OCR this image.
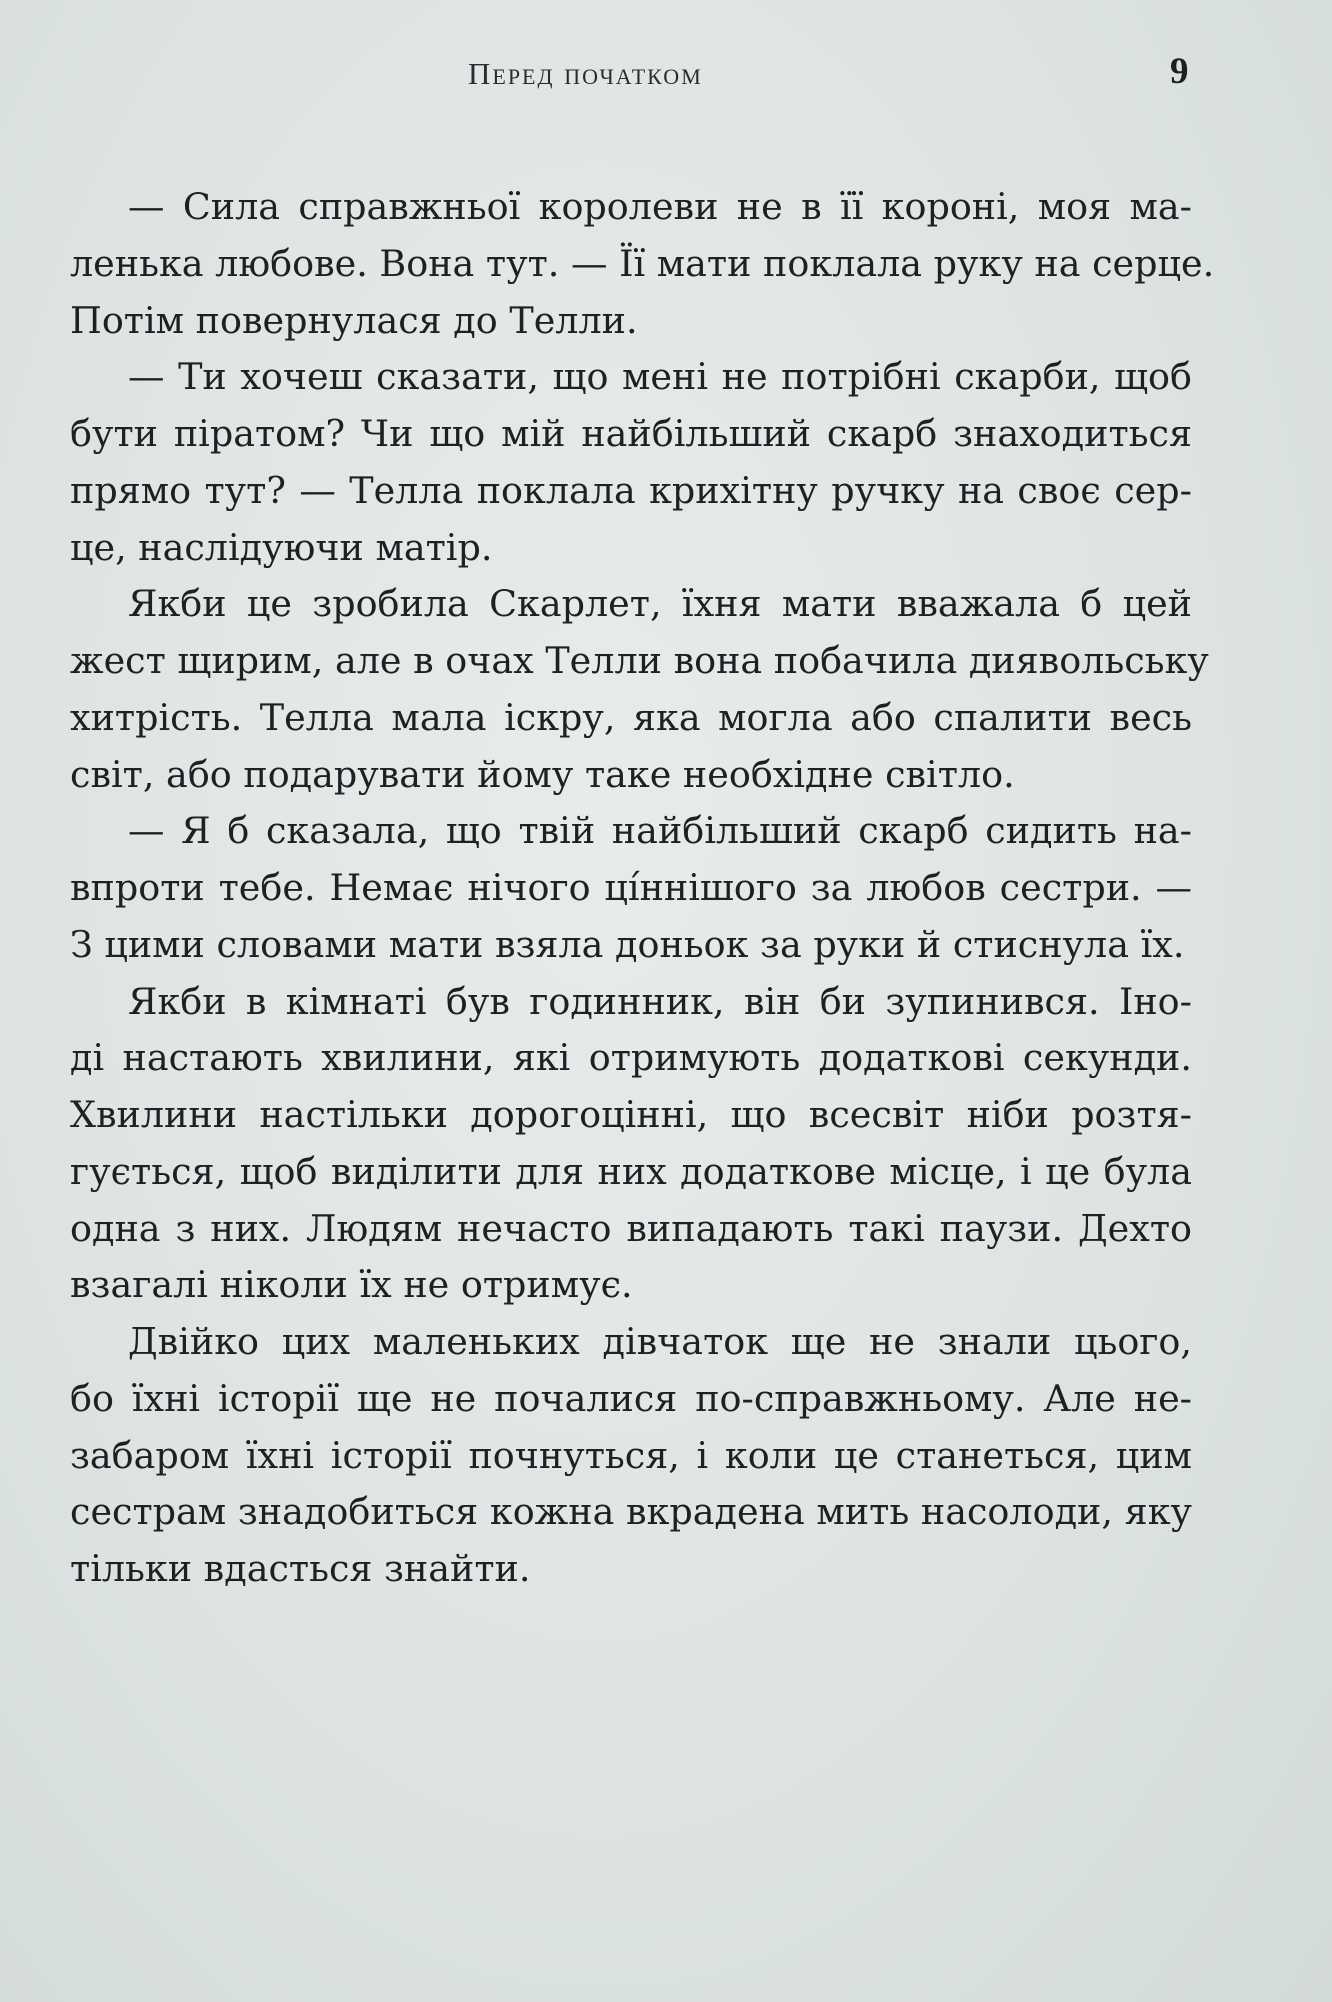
Перед початком	9
— Сила справжньої королеви не в її короні, моя ма-
ленька любове. Вона тут. — Її мати поклала руку на серце.
Потім повернулася до Телли.
— Ти хочеш сказати, що мені не потрібні скарби, щоб
бути піратом? Чи що мій найбільший скарб знаходиться
прямо тут? — Телла поклала крихітну ручку на своє сер-
це, наслідуючи матір.
Якби це зробила Скарлет, їхня мати вважала б цей
жест щирим, але в очах Телли вона побачила диявольську
хитрість. Телла мала іскру, яка могла або спалити весь
світ, або подарувати йому таке необхідне світло.
— Я б сказала, що твій найбільший скарб сидить на-
впроти тебе. Немає нічого цíннішого за любов сестри. —
З цими словами мати взяла доньок за руки й стиснула їх.
Якби в кімнаті був годинник, він би зупинився. Іно-
ді настають хвилини, які отримують додаткові секунди.
Хвилини настільки дорогоцінні, що всесвіт ніби розтя-
гується, щоб виділити для них додаткове місце, і це була
одна з них. Людям нечасто випадають такі паузи. Дехто
взагалі ніколи їх не отримує.
Двійко цих маленьких дівчаток ще не знали цього,
бо їхні історії ще не почалися по-справжньому. Але не-
забаром їхні історії почнуться, і коли це станеться, цим
сестрам знадобиться кожна вкрадена мить насолоди, яку
тільки вдасться знайти.
